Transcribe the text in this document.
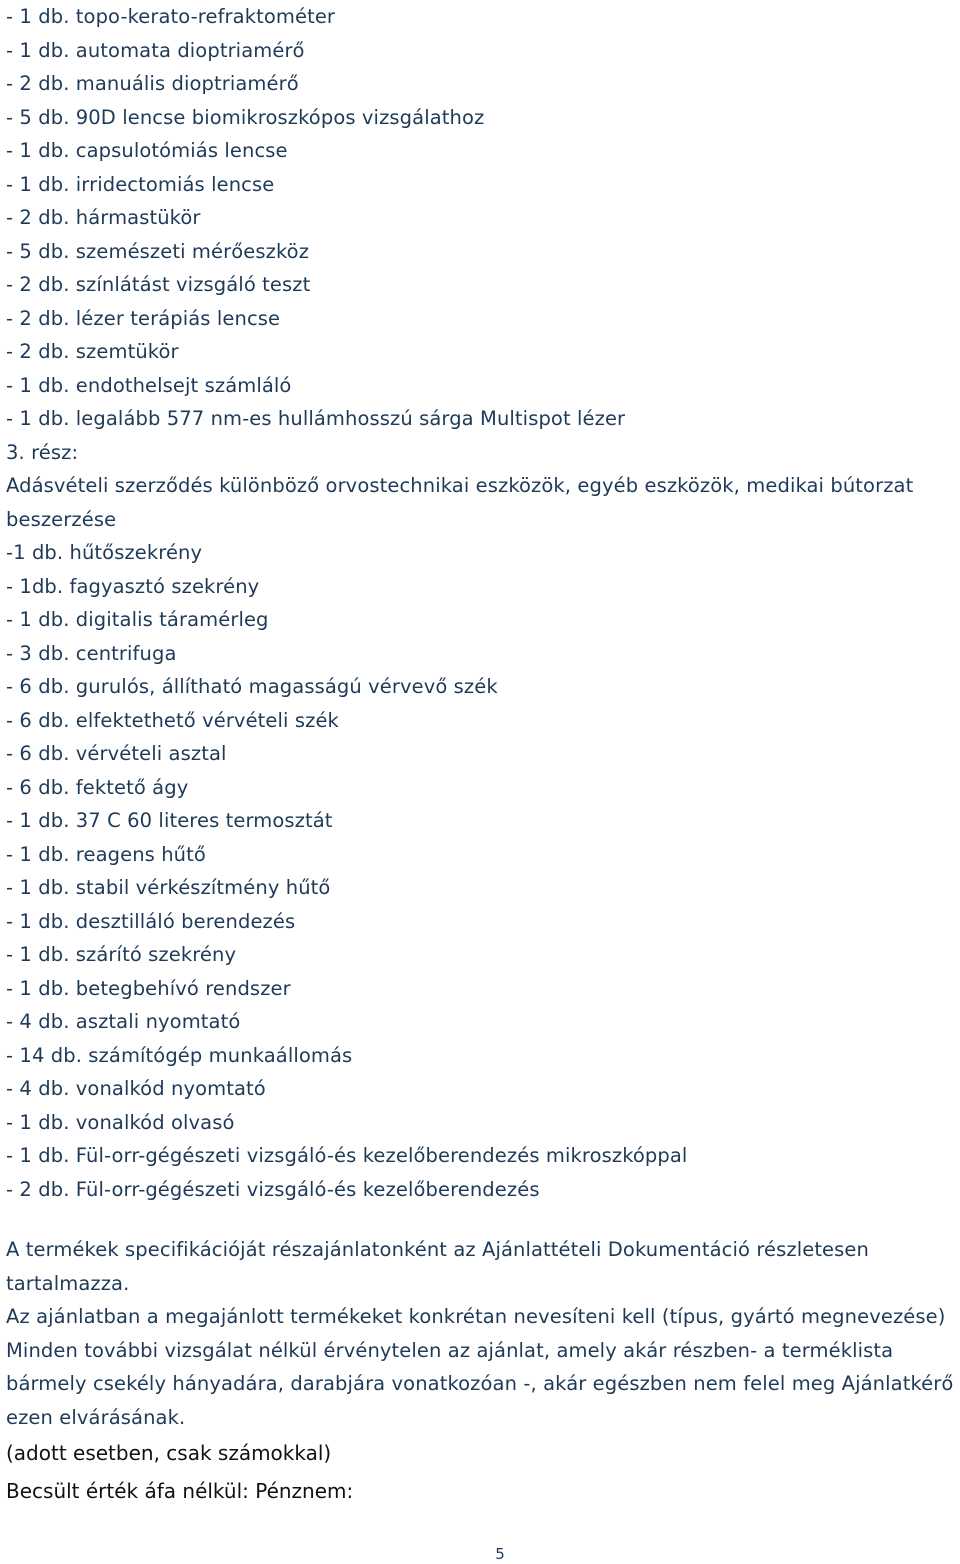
- 1 db. topo-kerato-refraktométer
- 1 db. automata dioptriamérő
- 2 db. manuális dioptriamérő
- 5 db. 90D lencse biomikroszkópos vizsgálathoz
- 1 db. capsulotómiás lencse
- 1 db. irridectomiás lencse
- 2 db. hármastükör
- 5 db. szemészeti mérőeszköz
- 2 db. színlátást vizsgáló teszt
- 2 db. lézer terápiás lencse
- 2 db. szemtükör
- 1 db. endothelsejt számláló
- 1 db. legalább 577 nm-es hullámhosszú sárga Multispot lézer
3. rész:
Adásvételi szerződés különböző orvostechnikai eszközök, egyéb eszközök, medikai bútorzat beszerzése
-1 db. hűtőszekrény
- 1db. fagyasztó szekrény
- 1 db. digitalis táramérleg
- 3 db. centrifuga
- 6 db. gurulós, állítható magasságú vérvevő szék
- 6 db. elfektethető vérvételi szék
- 6 db. vérvételi asztal
- 6 db. fektető ágy
- 1 db. 37 C 60 literes termosztát
- 1 db. reagens hűtő
- 1 db. stabil vérkészítmény hűtő
- 1 db. desztilláló berendezés
- 1 db. szárító szekrény
- 1 db. betegbehívó rendszer
- 4 db. asztali nyomtató
- 14 db. számítógép munkaállomás
- 4 db. vonalkód nyomtató
- 1 db. vonalkód olvasó
- 1 db. Fül-orr-gégészeti vizsgáló-és kezelőberendezés mikroszkóppal
- 2 db. Fül-orr-gégészeti vizsgáló-és kezelőberendezés
A termékek specifikációját részajánlatonként az Ajánlattételi Dokumentáció részletesen tartalmazza.
Az ajánlatban a megajánlott termékeket konkrétan nevesíteni kell (típus, gyártó megnevezése)
Minden további vizsgálat nélkül érvénytelen az ajánlat, amely akár részben- a terméklista bármely csekély hányadára, darabjára vonatkozóan -, akár egészben nem felel meg Ajánlatkérő ezen elvárásának.
(adott esetben, csak számokkal)
Becsült érték áfa nélkül: Pénznem:
5
